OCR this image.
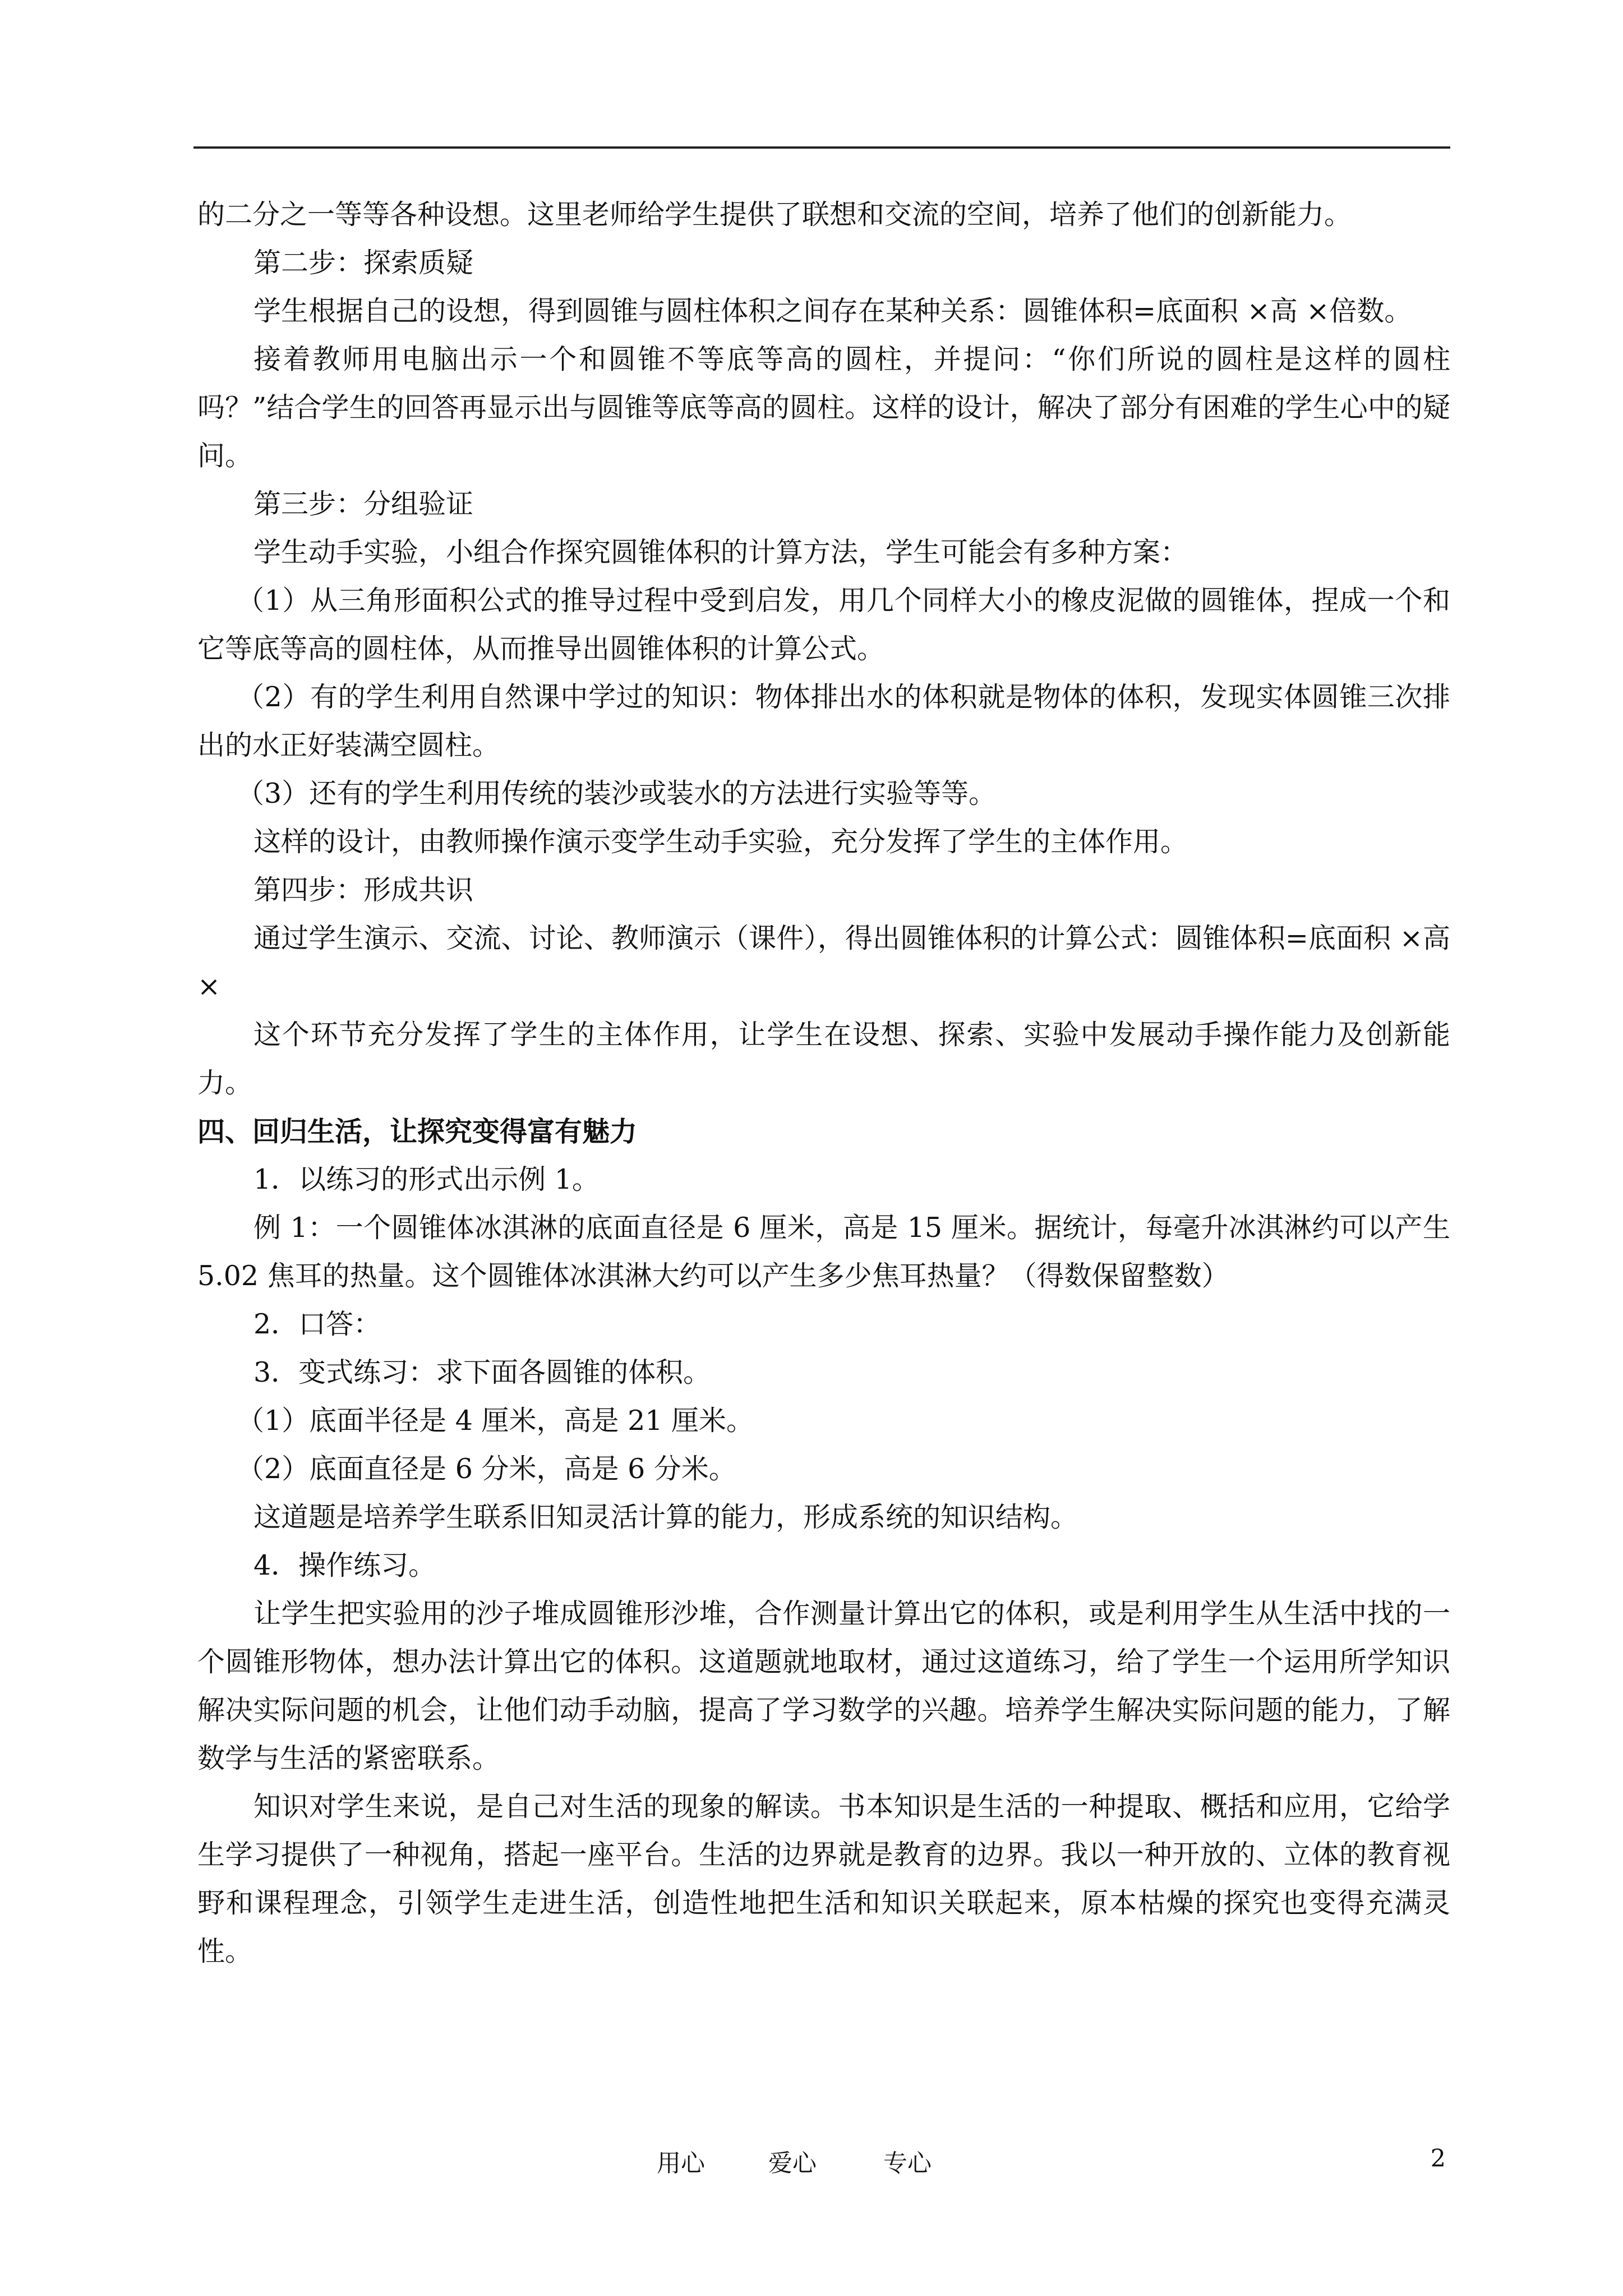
的二分之一等等各种设想。这里老师给学生提供了联想和交流的空间，培养了他们的创新能力。

第二步：探索质疑

学生根据自己的设想，得到圆锥与圆柱体积之间存在某种关系：圆锥体积=底面积 ×高 ×倍数。

接着教师用电脑出示一个和圆锥不等底等高的圆柱，并提问：“你们所说的圆柱是这样的圆柱吗？”结合学生的回答再显示出与圆锥等底等高的圆柱。这样的设计，解决了部分有困难的学生心中的疑问。

第三步：分组验证

学生动手实验，小组合作探究圆锥体积的计算方法，学生可能会有多种方案：

（1）从三角形面积公式的推导过程中受到启发，用几个同样大小的橡皮泥做的圆锥体，捏成一个和它等底等高的圆柱体，从而推导出圆锥体积的计算公式。

（2）有的学生利用自然课中学过的知识：物体排出水的体积就是物体的体积，发现实体圆锥三次排出的水正好装满空圆柱。

（3）还有的学生利用传统的装沙或装水的方法进行实验等等。

这样的设计，由教师操作演示变学生动手实验，充分发挥了学生的主体作用。

第四步：形成共识

通过学生演示、交流、讨论、教师演示（课件），得出圆锥体积的计算公式：圆锥体积=底面积 ×高 ×

这个环节充分发挥了学生的主体作用，让学生在设想、探索、实验中发展动手操作能力及创新能力。

四、回归生活，让探究变得富有魅力

1．以练习的形式出示例 1。

例 1：一个圆锥体冰淇淋的底面直径是 6 厘米，高是 15 厘米。据统计，每毫升冰淇淋约可以产生 5.02 焦耳的热量。这个圆锥体冰淇淋大约可以产生多少焦耳热量？（得数保留整数）

2．口答：

3．变式练习：求下面各圆锥的体积。

（1）底面半径是 4 厘米，高是 21 厘米。

（2）底面直径是 6 分米，高是 6 分米。

这道题是培养学生联系旧知灵活计算的能力，形成系统的知识结构。

4．操作练习。

让学生把实验用的沙子堆成圆锥形沙堆，合作测量计算出它的体积，或是利用学生从生活中找的一个圆锥形物体，想办法计算出它的体积。这道题就地取材，通过这道练习，给了学生一个运用所学知识解决实际问题的机会，让他们动手动脑，提高了学习数学的兴趣。培养学生解决实际问题的能力，了解数学与生活的紧密联系。

知识对学生来说，是自己对生活的现象的解读。书本知识是生活的一种提取、概括和应用，它给学生学习提供了一种视角，搭起一座平台。生活的边界就是教育的边界。我以一种开放的、立体的教育视野和课程理念，引领学生走进生活，创造性地把生活和知识关联起来，原本枯燥的探究也变得充满灵性。

用心	爱心	专心	2
